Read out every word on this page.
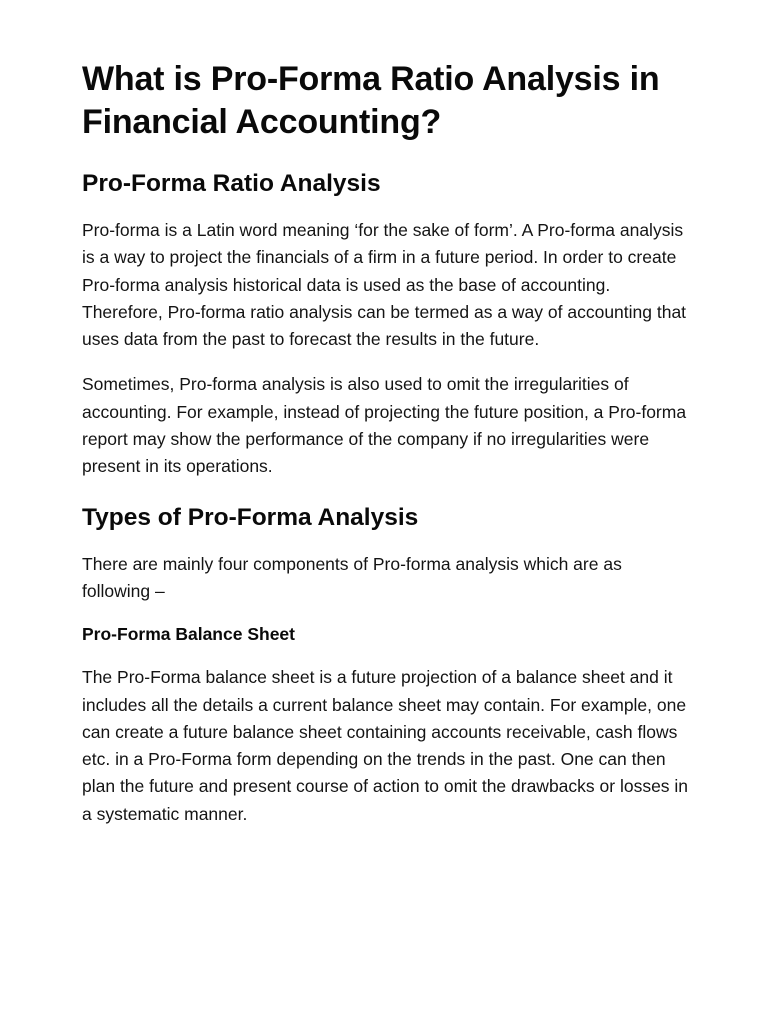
What is Pro-Forma Ratio Analysis in Financial Accounting?
Pro-Forma Ratio Analysis

Pro-forma is a Latin word meaning ‘for the sake of form’. A Pro-forma analysis is a way to project the financials of a firm in a future period. In order to create Pro-forma analysis historical data is used as the base of accounting. Therefore, Pro-forma ratio analysis can be termed as a way of accounting that uses data from the past to forecast the results in the future.

Sometimes, Pro-forma analysis is also used to omit the irregularities of accounting. For example, instead of projecting the future position, a Pro-forma report may show the performance of the company if no irregularities were present in its operations.

Types of Pro-Forma Analysis

There are mainly four components of Pro-forma analysis which are as following –

Pro-Forma Balance Sheet

The Pro-Forma balance sheet is a future projection of a balance sheet and it includes all the details a current balance sheet may contain. For example, one can create a future balance sheet containing accounts receivable, cash flows etc. in a Pro-Forma form depending on the trends in the past. One can then plan the future and present course of action to omit the drawbacks or losses in a systematic manner.
